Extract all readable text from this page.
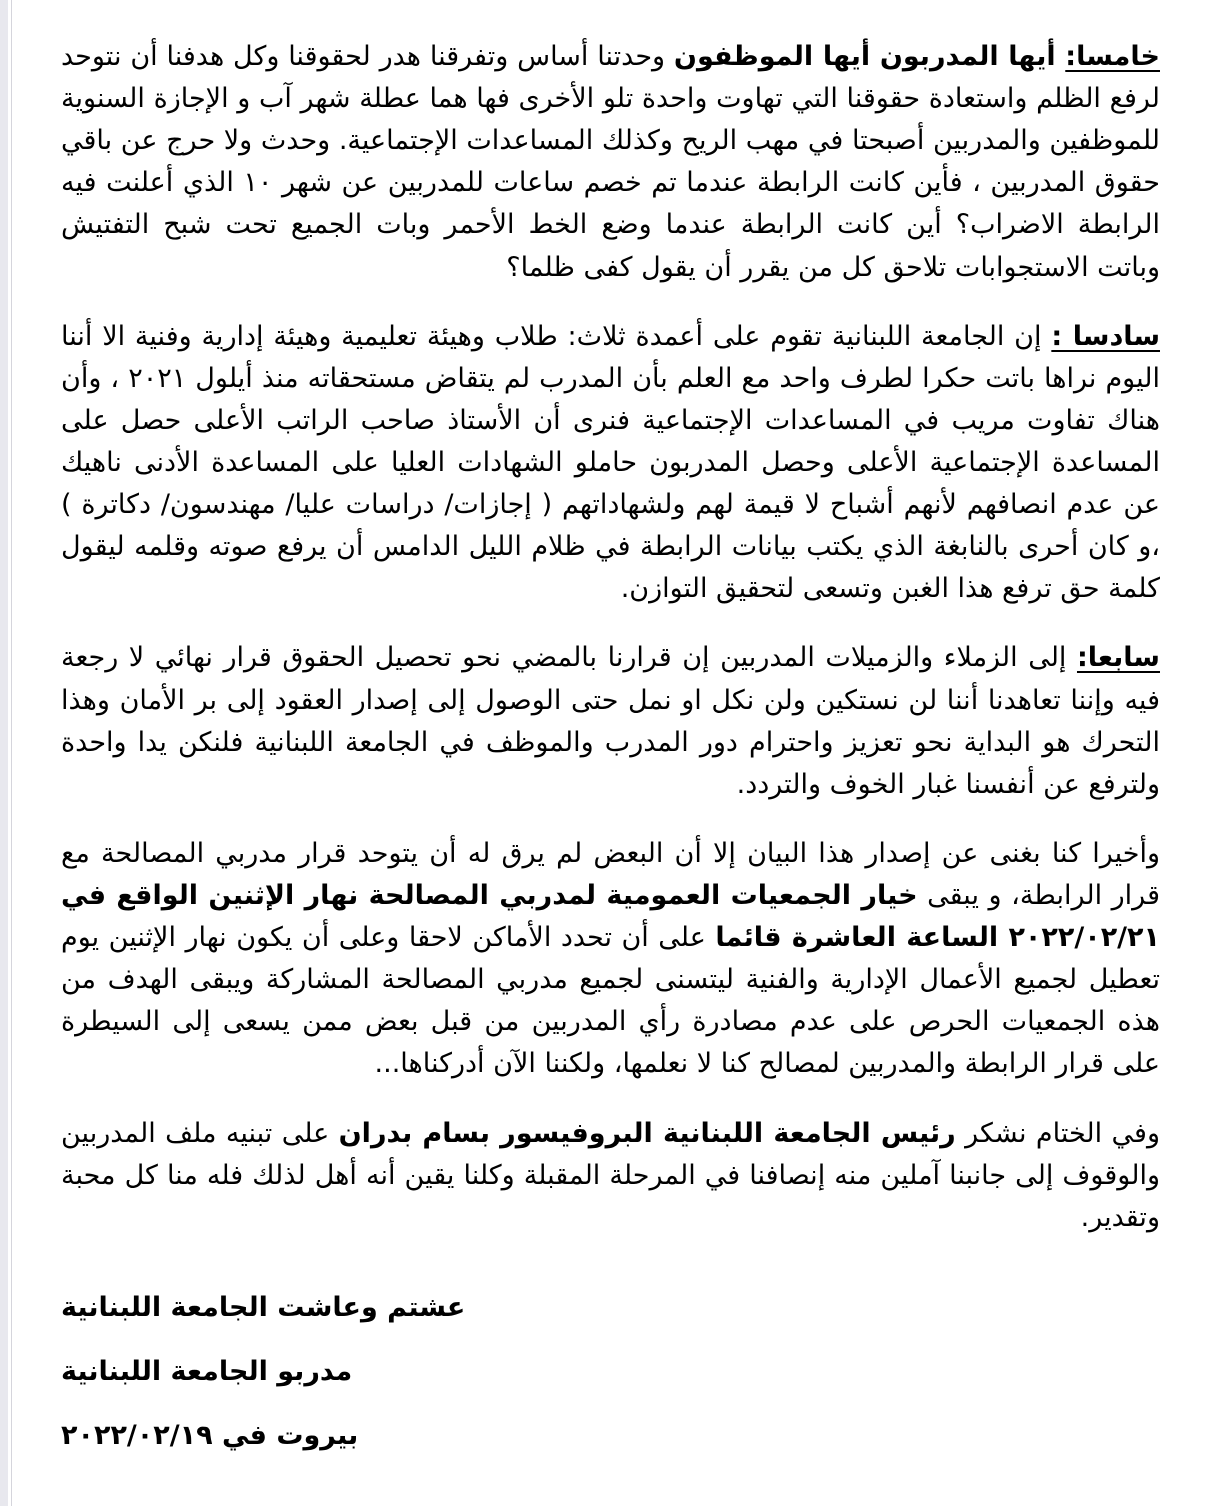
خامسا: أيها المدربون أيها الموظفون وحدتنا أساس وتفرقنا هدر لحقوقنا وكل هدفنا أن نتوحد لرفع الظلم واستعادة حقوقنا التي تهاوت واحدة تلو الأخرى فها هما عطلة شهر آب و الإجازة السنوية للموظفين والمدربين أصبحتا في مهب الريح وكذلك المساعدات الإجتماعية. وحدث ولا حرج عن باقي حقوق المدربين ، فأين كانت الرابطة عندما تم خصم ساعات للمدربين عن شهر ١٠ الذي أعلنت فيه الرابطة الاضراب؟ أين كانت الرابطة عندما وضع الخط الأحمر وبات الجميع تحت شبح التفتيش وباتت الاستجوابات تلاحق كل من يقرر أن يقول كفى ظلما؟

سادسا : إن الجامعة اللبنانية تقوم على أعمدة ثلاث: طلاب وهيئة تعليمية وهيئة إدارية وفنية الا أننا اليوم نراها باتت حكرا لطرف واحد مع العلم بأن المدرب لم يتقاض مستحقاته منذ أيلول ٢٠٢١ ، وأن هناك تفاوت مريب في المساعدات الإجتماعية فنرى أن الأستاذ صاحب الراتب الأعلى حصل على المساعدة الإجتماعية الأعلى وحصل المدربون حاملو الشهادات العليا على المساعدة الأدنى ناهيك عن عدم انصافهم لأنهم أشباح لا قيمة لهم ولشهاداتهم ( إجازات/ دراسات عليا/ مهندسون/ دكاترة ) ،و كان أحرى بالنابغة الذي يكتب بيانات الرابطة في ظلام الليل الدامس أن يرفع صوته وقلمه ليقول كلمة حق ترفع هذا الغبن وتسعى لتحقيق التوازن.

سابعا: إلى الزملاء والزميلات المدربين إن قرارنا بالمضي نحو تحصيل الحقوق قرار نهائي لا رجعة فيه وإننا تعاهدنا أننا لن نستكين ولن نكل او نمل حتى الوصول إلى إصدار العقود إلى بر الأمان وهذا التحرك هو البداية نحو تعزيز واحترام دور المدرب والموظف في الجامعة اللبنانية فلنكن يدا واحدة ولترفع عن أنفسنا غبار الخوف والتردد.

وأخيرا كنا بغنى عن إصدار هذا البيان إلا أن البعض لم يرق له أن يتوحد قرار مدربي المصالحة مع قرار الرابطة، و يبقى خيار الجمعيات العمومية لمدربي المصالحة نهار الإثنين الواقع في ٢٠٢٢/٠٢/٢١ الساعة العاشرة قائما على أن تحدد الأماكن لاحقا وعلى أن يكون نهار الإثنين يوم تعطيل لجميع الأعمال الإدارية والفنية ليتسنى لجميع مدربي المصالحة المشاركة ويبقى الهدف من هذه الجمعيات الحرص على عدم مصادرة رأي المدربين من قبل بعض ممن يسعى إلى السيطرة على قرار الرابطة والمدربين لمصالح كنا لا نعلمها، ولكننا الآن أدركناها...

وفي الختام نشكر رئيس الجامعة اللبنانية البروفيسور بسام بدران على تبنيه ملف المدربين والوقوف إلى جانبنا آملين منه إنصافنا في المرحلة المقبلة وكلنا يقين أنه أهل لذلك فله منا كل محبة وتقدير.

عشتم وعاشت الجامعة اللبنانية

مدربو الجامعة اللبنانية

بيروت في ٢٠٢٢/٠٢/١٩
